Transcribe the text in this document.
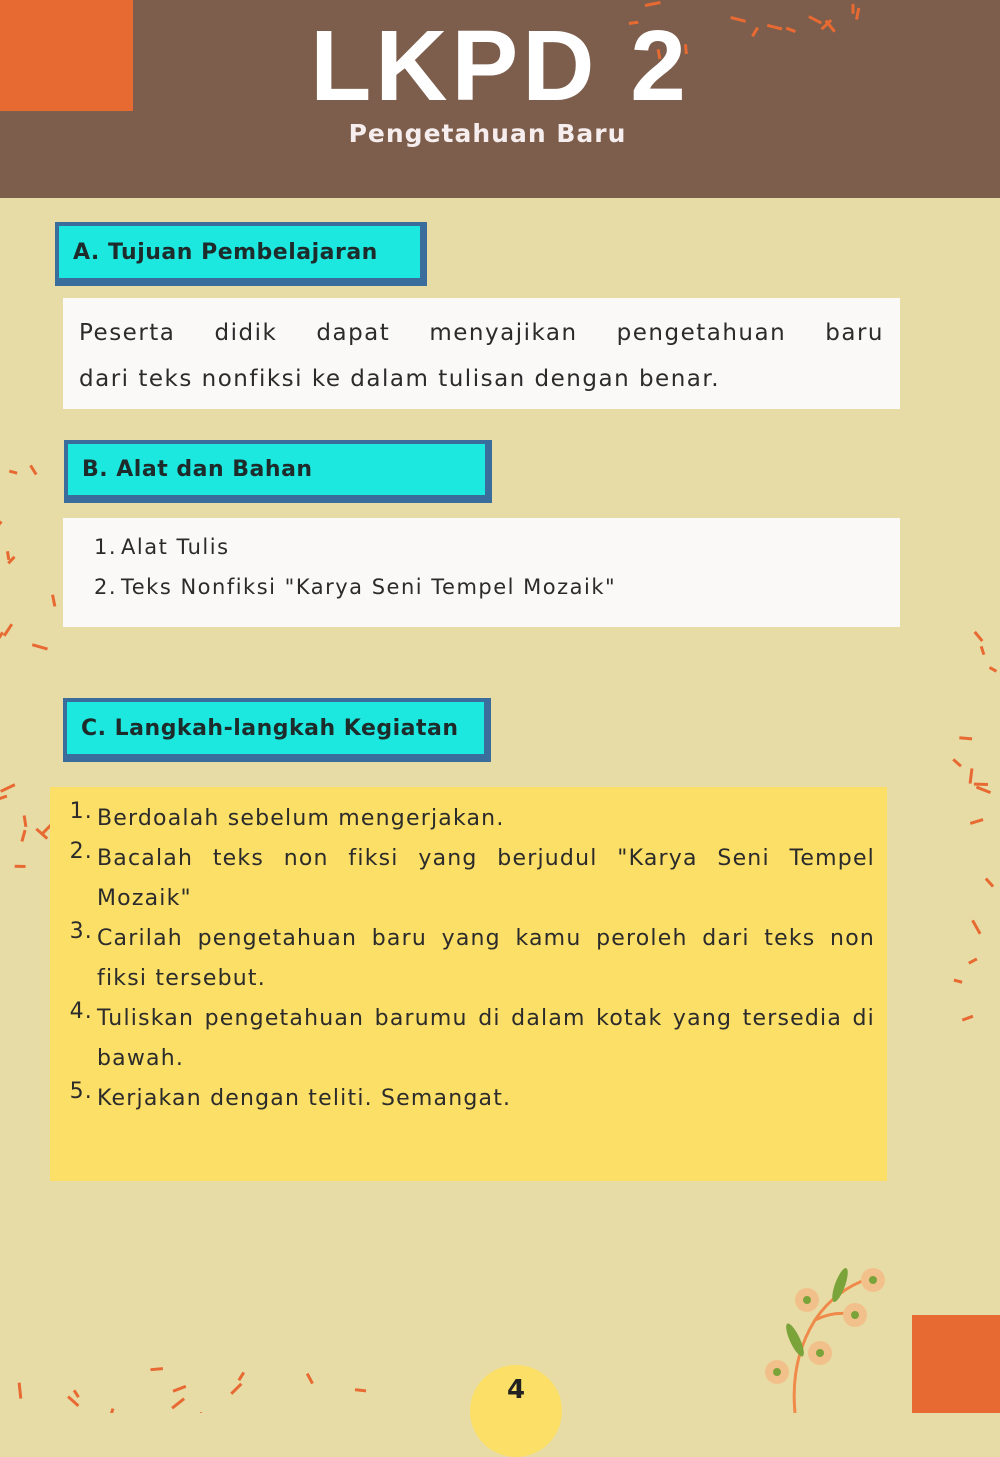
LKPD 2
Pengetahuan Baru
A. Tujuan Pembelajaran
Peserta didik dapat menyajikan pengetahuan baru
dari teks nonfiksi ke dalam tulisan dengan benar.
B. Alat dan Bahan
1. Alat Tulis
2. Teks Nonfiksi "Karya Seni Tempel Mozaik"
C. Langkah-langkah Kegiatan
1. Berdoalah sebelum mengerjakan.
2. Bacalah teks non fiksi yang berjudul "Karya Seni Tempel Mozaik"
3. Carilah pengetahuan baru yang kamu peroleh dari teks non fiksi tersebut.
4. Tuliskan pengetahuan barumu di dalam kotak yang tersedia di bawah.
5. Kerjakan dengan teliti. Semangat.
4
